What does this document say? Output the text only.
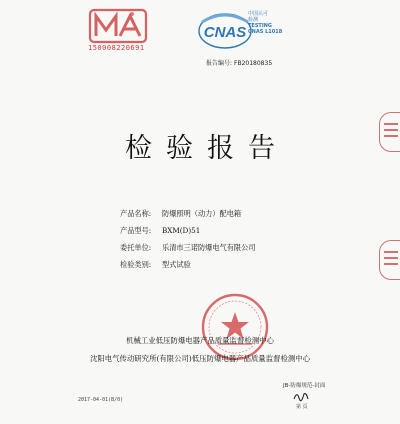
150008220691
CNAS
中国认可
检测
TESTING
CNAS L1018
报告编号: FB20180835
检验报告
产品名称:	防爆照明（动力）配电箱
产品型号:	BXM(D)51
委托单位:	乐清市三诺防爆电气有限公司
检验类别:	型式试验
机械工业低压防爆电器产品质量监督检测中心
沈阳电气传动研究所(有限公司)低压防爆电器产品质量监督检测中心
JB-防爆规范-封面
2017-04-01(B/0)
第 页
